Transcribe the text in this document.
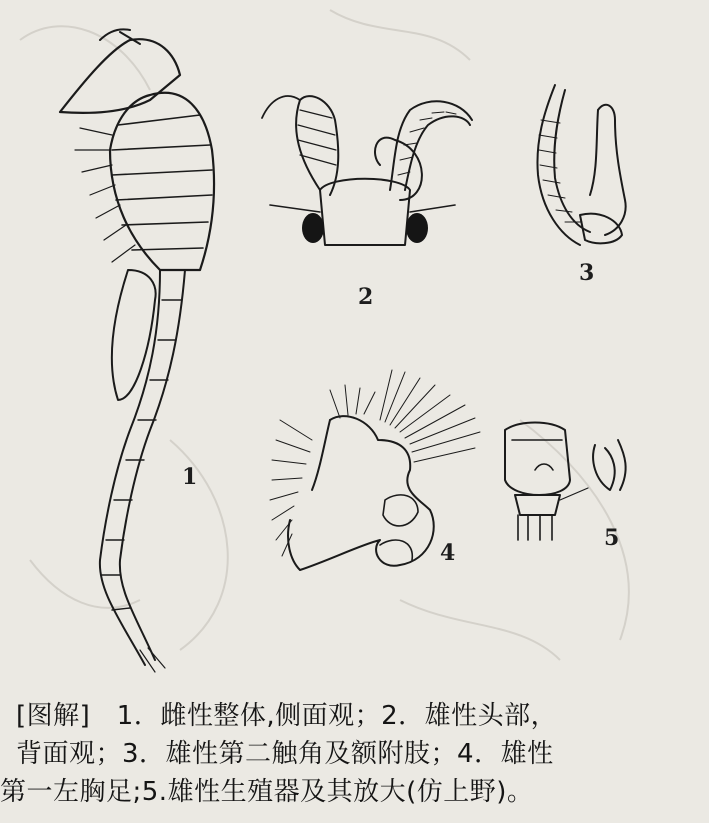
1
2
3
4
5
[图解]　1．雌性整体,侧面观；2．雄性头部，
背面观；3．雄性第二触角及额附肢；4．雄性
第一左胸足;5.雄性生殖器及其放大(仿上野)。
